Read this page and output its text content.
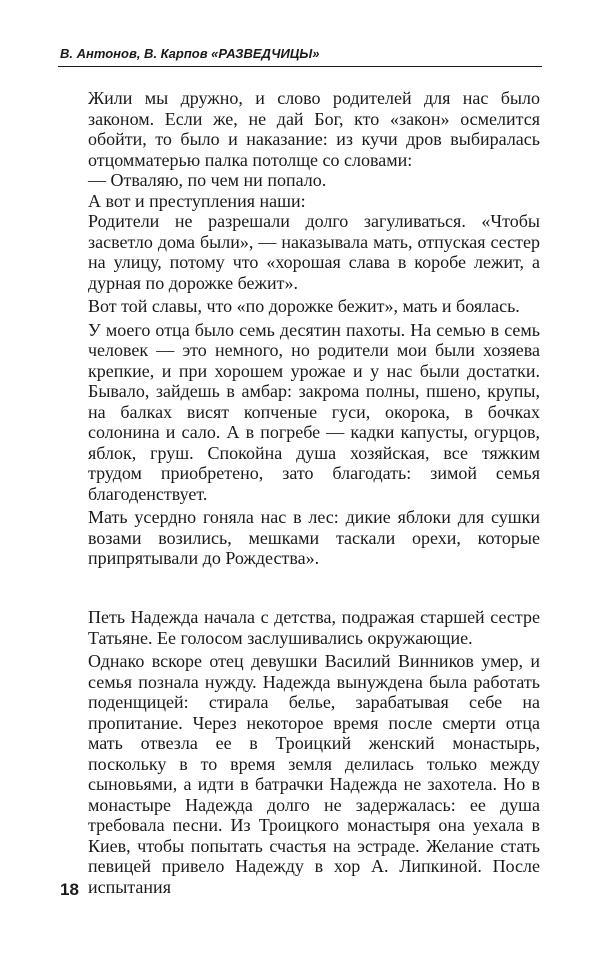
В. Антонов, В. Карпов «РАЗВЕДЧИЦЫ»

Жили мы дружно, и слово родителей для нас было законом. Если же, не дай Бог, кто «закон» осмелится обойти, то было и наказание: из кучи дров выбиралась отцоммaтерью палка потолще со словами:

— Отваляю, по чем ни попало.

А вот и преступления наши:

Родители не разрешали долго загуливаться. «Чтобы засветло дома были», — наказывала мать, отпуская сестер на улицу, потому что «хорошая слава в коробе лежит, а дурная по дорожке бежит».

Вот той славы, что «по дорожке бежит», мать и боялась.

У моего отца было семь десятин пахоты. На семью в семь человек — это немного, но родители мои были хозяева крепкие, и при хорошем урожае и у нас были достатки. Бывало, зайдешь в амбар: закрома полны, пшено, крупы, на балках висят копченые гуси, окорока, в бочках солонина и сало. А в погребе — кадки капусты, огурцов, яблок, груш. Спокойна душа хозяйская, все тяжким трудом приобретено, зато благодать: зимой семья благоденствует.

Мать усердно гоняла нас в лес: дикие яблоки для сушки возами возились, мешками таскали орехи, которые припрятывали до Рождества».

Петь Надежда начала с детства, подражая старшей сестре Татьяне. Ее голосом заслушивались окружающие.

Однако вскоре отец девушки Василий Винников умер, и семья познала нужду. Надежда вынуждена была работать поденщицей: стирала белье, зарабатывая себе на пропитание. Через некоторое время после смерти отца мать отвезла ее в Троицкий женский монастырь, поскольку в то время земля делилась только между сыновьями, а идти в батрачки Надежда не захотела. Но в монастыре Надежда долго не задержалась: ее душа требовала песни. Из Троицкого монастыря она уехала в Киев, чтобы попытать счастья на эстраде. Желание стать певицей привело Надежду в хор А. Липкиной. После испытания

18
